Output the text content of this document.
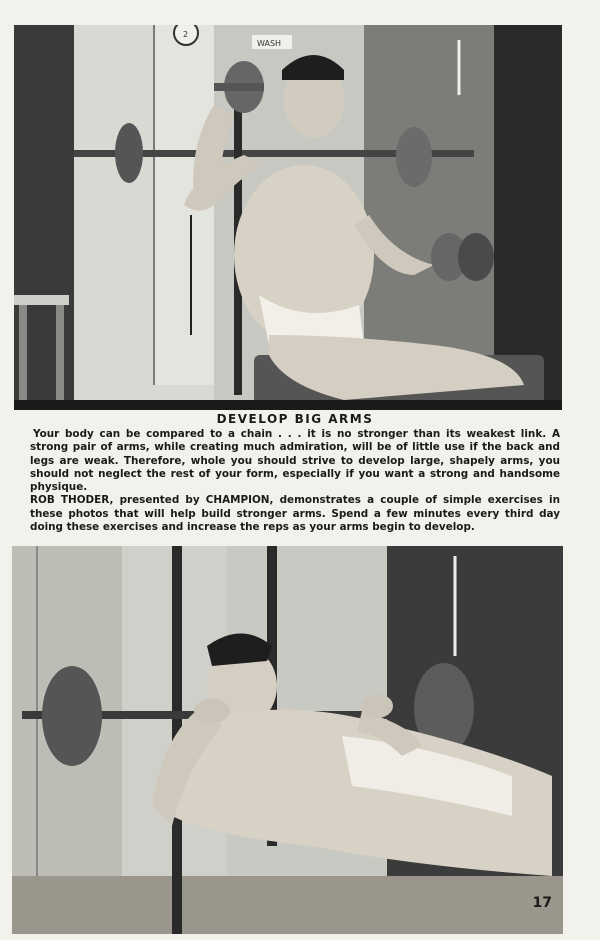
WASH
2
DEVELOP BIG ARMS

Your body can be compared to a chain . . . it is no stronger than its weakest link. A strong pair of arms, while creating much admiration, will be of little use if the back and legs are weak. Therefore, whole you should strive to develop large, shapely arms, you should not neglect the rest of your form, especially if you want a strong and handsome physique.

ROB THODER, presented by CHAMPION, demonstrates a couple of simple exercises in these photos that will help build stronger arms. Spend a few minutes every third day doing these exercises and increase the reps as your arms begin to develop.

17
